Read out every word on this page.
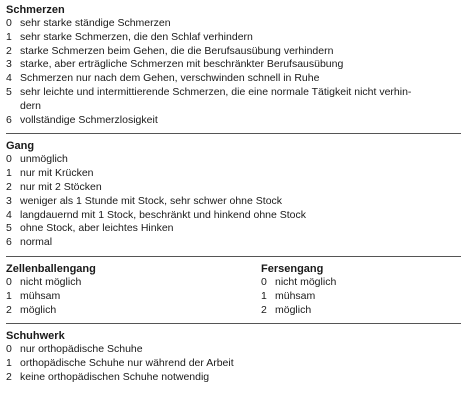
Schmerzen
0 sehr starke ständige Schmerzen
1 sehr starke Schmerzen, die den Schlaf verhindern
2 starke Schmerzen beim Gehen, die die Berufsausübung verhindern
3 starke, aber erträgliche Schmerzen mit beschränkter Berufsausübung
4 Schmerzen nur nach dem Gehen, verschwinden schnell in Ruhe
5 sehr leichte und intermittierende Schmerzen, die eine normale Tätigkeit nicht verhin-
dern
6 vollständige Schmerzlosigkeit
Gang
0 unmöglich
1 nur mit Krücken
2 nur mit 2 Stöcken
3 weniger als 1 Stunde mit Stock, sehr schwer ohne Stock
4 langdauernd mit 1 Stock, beschränkt und hinkend ohne Stock
5 ohne Stock, aber leichtes Hinken
6 normal
Zellenballengang
0 nicht möglich
1 mühsam
2 möglich
Fersengang
0 nicht möglich
1 mühsam
2 möglich
Schuhwerk
0 nur orthopädische Schuhe
1 orthopädische Schuhe nur während der Arbeit
2 keine orthopädischen Schuhe notwendig
